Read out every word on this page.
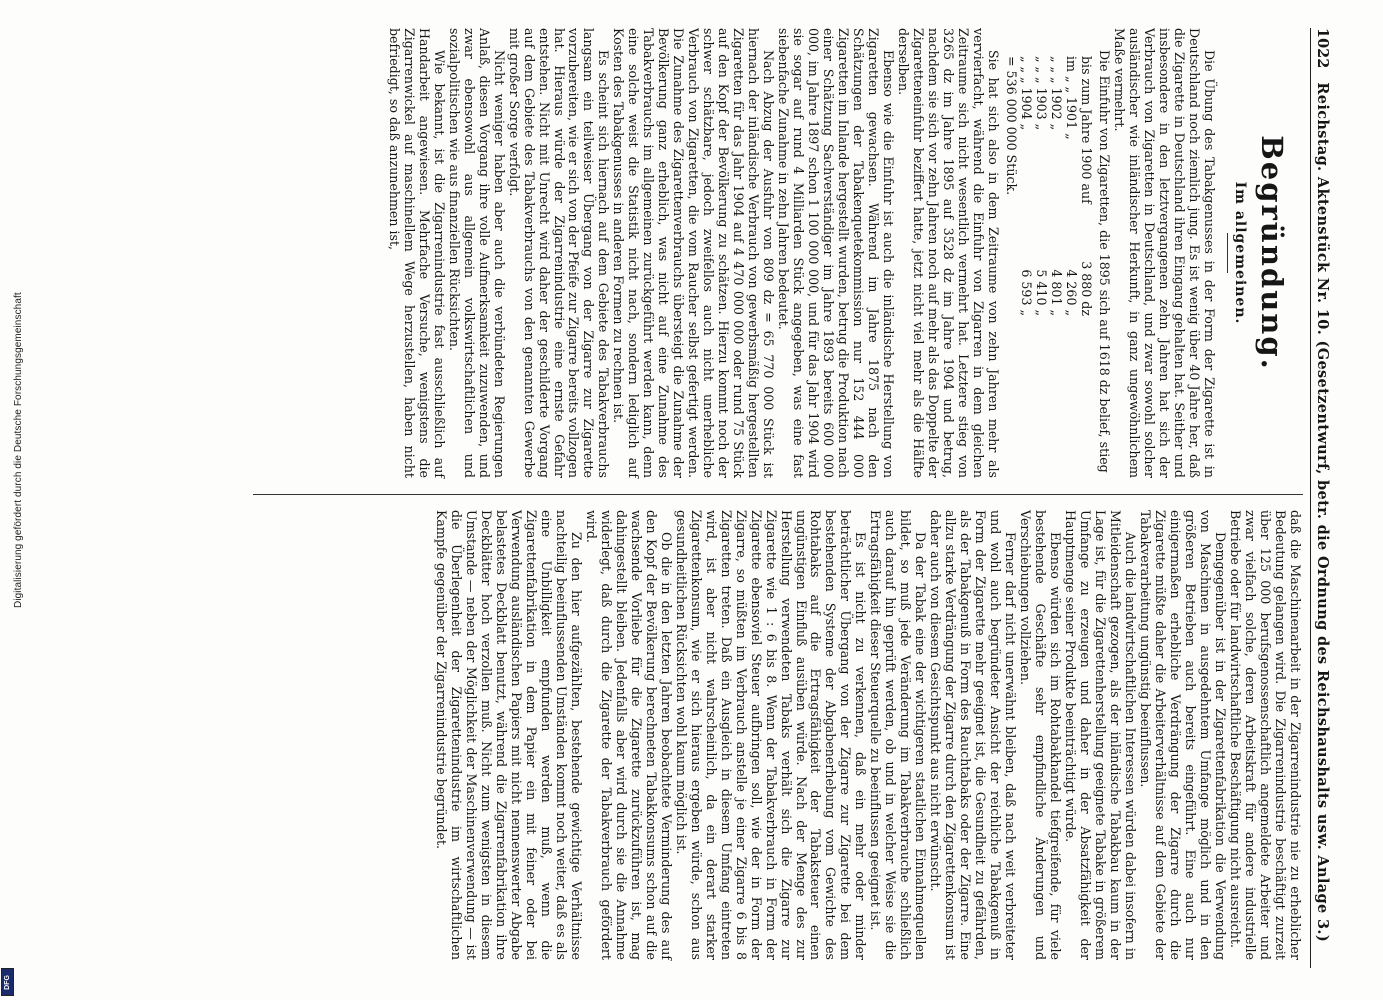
1022
Reichstag. Aktenstück Nr. 10. (Gesetzentwurf, betr. die Ordnung des Reichshaushalts usw. Anlage 3.)
Begründung.
Im allgemeinen.

Die Übung des Tabakgenusses in der Form der Zigarette ist in Deutschland noch ziemlich jung. Es ist wenig über 40 Jahre her, daß die Zigarette in Deutschland ihren Eingang gehalten hat. Seither und insbesondere in den letztvergangenen zehn Jahren hat sich der Verbrauch von Zigaretten in Deutschland, und zwar sowohl solcher ausländischer wie inländischer Herkunft, in ganz ungewöhnlichem Maße vermehrt.

Die Einfuhr von Zigaretten, die 1895 sich auf 1618 dz belief, stieg

bis zum Jahre 1900 auf
3 880 dz
im „ „ 1901 „
4 260 „
„ „ „ 1902 „
4 801 „
„ „ „ 1903 „
5 410 „
„ „ „ 1904 „
6 593 „
= 536 000 000 Stück.

Sie hat sich also in dem Zeitraume von zehn Jahren mehr als vervierfacht, während die Einfuhr von Zigarren in dem gleichen Zeitraume sich nicht wesentlich vermehrt hat. Letztere stieg von 3265 dz im Jahre 1895 auf 3528 dz im Jahre 1904 und betrug, nachdem sie sich vor zehn Jahren noch auf mehr als das Doppelte der Zigaretteneinfuhr beziffert hatte, jetzt nicht viel mehr als die Hälfte derselben.

Ebenso wie die Einfuhr ist auch die inländische Herstellung von Zigaretten gewachsen. Während im Jahre 1875 nach den Schätzungen der Tabakenquetekommission nur 152 444 000 Zigaretten im Inlande hergestellt wurden, betrug die Produktion nach einer Schätzung Sachverständiger im Jahre 1893 bereits 600 000 000, im Jahre 1897 schon 1 100 000 000, und für das Jahr 1904 wird sie sogar auf rund 4 Milliarden Stück angegeben, was eine fast siebenfache Zunahme in zehn Jahren bedeutet.

Nach Abzug der Ausfuhr von 809 dz = 65 770 000 Stück ist hiernach der inländische Verbrauch von gewerbsmäßig hergestellten Zigaretten für das Jahr 1904 auf 4 470 000 000 oder rund 75 Stück auf den Kopf der Bevölkerung zu schätzen. Hierzu kommt noch der schwer schätzbare, jedoch zweifellos auch nicht unerhebliche Verbrauch von Zigaretten, die vom Raucher selbst gefertigt werden. Die Zunahme des Zigarettenverbrauchs übersteigt die Zunahme der Bevölkerung ganz erheblich, was nicht auf eine Zunahme des Tabakverbrauchs im allgemeinen zurückgeführt werden kann, denn eine solche weist die Statistik nicht nach, sondern lediglich auf Kosten des Tabakgenusses in anderen Formen zu rechnen ist.

Es scheint sich hiernach auf dem Gebiete des Tabakverbrauchs langsam ein teilweiser Übergang von der Zigarre zur Zigarette vorzubereiten, wie er sich von der Pfeife zur Zigarre bereits vollzogen hat. Hieraus würde der Zigarrenindustrie eine ernste Gefahr entstehen. Nicht mit Unrecht wird daher der geschilderte Vorgang auf dem Gebiete des Tabakverbrauchs von den genannten Gewerbe mit großer Sorge verfolgt.

Nicht weniger haben aber auch die verbündeten Regierungen Anlaß, diesen Vorgang ihre volle Aufmerksamkeit zuzuwenden, und zwar ebensowohl aus allgemein volkswirtschaftlichen und sozialpolitischen wie aus finanziellen Rücksichten.

Wie bekannt, ist die Zigarrenindustrie fast ausschließlich auf Handarbeit angewiesen. Mehrfache Versuche, wenigstens die Zigarrenwickel auf maschinellem Wege herzustellen, haben nicht befriedigt, so daß anzunehmen ist,

daß die Maschinenarbeit in der Zigarrenindustrie nie zu erheblicher Bedeutung gelangen wird. Die Zigarrenindustrie beschäftigt zurzeit über 125 000 berufsgenossenschaftlich angemeldete Arbeiter und zwar vielfach solche, deren Arbeitskraft für andere industrielle Betriebe oder für landwirtschaftliche Beschäftigung nicht ausreicht.

Demgegenüber ist in der Zigarettenfabrikation die Verwendung von Maschinen in ausgedehntem Umfange möglich und in den größeren Betrieben auch bereits eingeführt. Eine auch nur einigermaßen erhebliche Verdrängung der Zigarre durch die Zigarette müßte daher die Arbeiterverhältnisse auf dem Gebiete der Tabakverarbeitung ungünstig beeinflussen.

Auch die landwirtschaftlichen Interessen würden dabei insofern in Mitleidenschaft gezogen, als der inländische Tabakbau kaum in der Lage ist, für die Zigarettenherstellung geeignete Tabake in größerem Umfange zu erzeugen und daher in der Absatzfähigkeit der Hauptmenge seiner Produkte beeinträchtigt würde.

Ebenso würden sich im Rohtabakhandel tiefgreifende, für viele bestehende Geschäfte sehr empfindliche Änderungen und Verschiebungen vollziehen.

Ferner darf nicht unerwähnt bleiben, daß nach weit verbreiteter und wohl auch begründeter Ansicht der reichliche Tabakgenuß in Form der Zigarette mehr geeignet ist, die Gesundheit zu gefährden, als der Tabakgenuß in Form des Rauchtabaks oder der Zigarre. Eine allzu starke Verdrängung der Zigarre durch den Zigarettenkonsum ist daher auch von diesem Gesichtspunkt aus nicht erwünscht.

Da der Tabak eine der wichtigeren staatlichen Einnahmequellen bildet, so muß jede Veränderung im Tabakverbrauche schließlich auch darauf hin geprüft werden, ob und in welcher Weise sie die Ertragsfähigkeit dieser Steuerquelle zu beeinflussen geeignet ist.

Es ist nicht zu verkennen, daß ein mehr oder minder beträchtlicher Übergang von der Zigarre zur Zigarette bei dem bestehenden Systeme der Abgabenerhebung vom Gewichte des Rohtabaks auf die Ertragsfähigkeit der Tabaksteuer einen ungünstigen Einfluß ausüben würde. Nach der Menge des zur Herstellung verwendeten Tabaks verhält sich die Zigarre zur Zigarette wie 1 : 6 bis 8. Wenn der Tabakverbrauch in Form der Zigarette ebensoviel Steuer aufbringen soll, wie der in Form der Zigarre, so müßten im Verbrauch anstelle je einer Zigarre 6 bis 8 Zigaretten treten. Daß ein Ausgleich in diesem Umfang eintreten wird, ist aber nicht wahrscheinlich, da ein derart starker Zigarettenkonsum, wie er sich hieraus ergeben würde, schon aus gesundheitlichen Rücksichten wohl kaum möglich ist.

Ob die in den letzten Jahren beobachtete Verminderung des auf den Kopf der Bevölkerung berechneten Tabakkonsums schon auf die wachsende Vorliebe für die Zigarette zurückzuführen ist, mag dahingestellt bleiben. Jedenfalls aber wird durch sie die Annahme widerlegt, daß durch die Zigarette der Tabakverbrauch gefördert wird.

Zu den hier aufgezählten, bestehende gewichtige Verhältnisse nachteilig beeinflussenden Umständen kommt noch weiter, daß es als eine Unbilligkeit empfunden werden muß, wenn die Zigarettenfabrikation in dem Papier ein mit feiner oder bei Verwendung ausländischen Papiers mit nicht nennenswerter Abgabe belastetes Deckblatt benutzt, während die Zigarrenfabrikation ihre Deckblätter hoch verzollen muß. Nicht zum wenigsten in diesem Umstande — neben der Möglichkeit der Maschinenverwendung — ist die Überlegenheit der Zigarettenindustrie im wirtschaftlichen Kampfe gegenüber der Zigarrenindustrie begründet.

Digitalisierung gefördert durch die Deutsche Forschungsgemeinschaft
DFG
